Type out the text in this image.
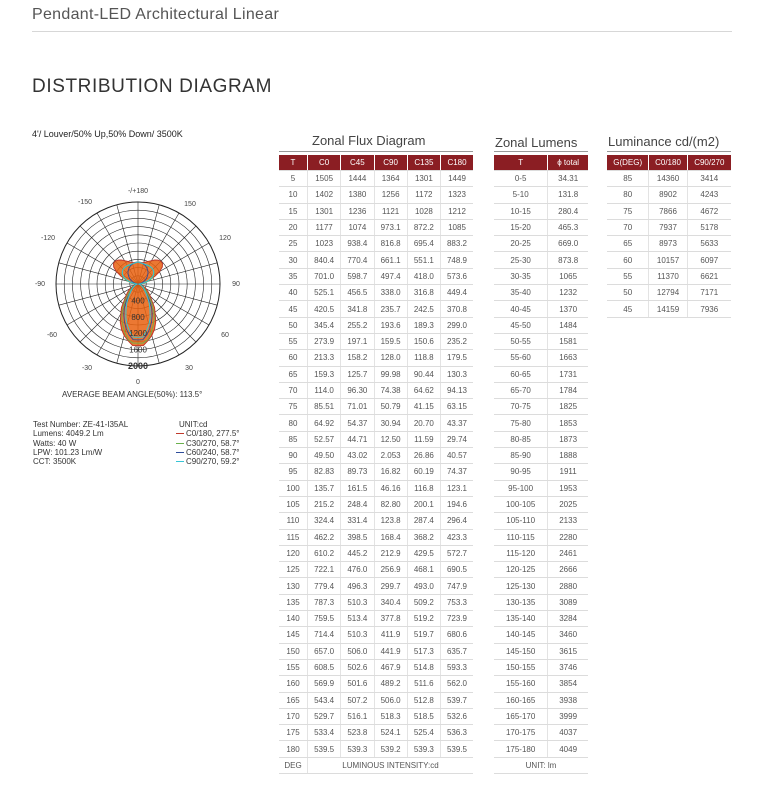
Pendant-LED Architectural Linear
DISTRIBUTION DIAGRAM
4'/ Louver/50% Up,50% Down/ 3500K
400
800
1200
1600
2000
-/+180
-150	150
-120	120
-90	90
-60	60
-30	30
0
AVERAGE BEAM ANGLE(50%): 113.5°
Test Number: ZE-41-I35AL
Lumens: 4049.2 Lm
Watts: 40 W
LPW: 101.23 Lm/W
CCT: 3500K
UNIT:cd
C0/180, 277.5°
C30/270, 58.7°
C60/240, 58.7°
C90/270, 59.2°
Zonal Flux Diagram
T	C0	C45	C90	C135	C180
5	1505	1444	1364	1301	1449
10	1402	1380	1256	1172	1323
15	1301	1236	1121	1028	1212
20	1177	1074	973.1	872.2	1085
25	1023	938.4	816.8	695.4	883.2
30	840.4	770.4	661.1	551.1	748.9
35	701.0	598.7	497.4	418.0	573.6
40	525.1	456.5	338.0	316.8	449.4
45	420.5	341.8	235.7	242.5	370.8
50	345.4	255.2	193.6	189.3	299.0
55	273.9	197.1	159.5	150.6	235.2
60	213.3	158.2	128.0	118.8	179.5
65	159.3	125.7	99.98	90.44	130.3
70	114.0	96.30	74.38	64.62	94.13
75	85.51	71.01	50.79	41.15	63.15
80	64.92	54.37	30.94	20.70	43.37
85	52.57	44.71	12.50	11.59	29.74
90	49.50	43.02	2.053	26.86	40.57
95	82.83	89.73	16.82	60.19	74.37
100	135.7	161.5	46.16	116.8	123.1
105	215.2	248.4	82.80	200.1	194.6
110	324.4	331.4	123.8	287.4	296.4
115	462.2	398.5	168.4	368.2	423.3
120	610.2	445.2	212.9	429.5	572.7
125	722.1	476.0	256.9	468.1	690.5
130	779.4	496.3	299.7	493.0	747.9
135	787.3	510.3	340.4	509.2	753.3
140	759.5	513.4	377.8	519.2	723.9
145	714.4	510.3	411.9	519.7	680.6
150	657.0	506.0	441.9	517.3	635.7
155	608.5	502.6	467.9	514.8	593.3
160	569.9	501.6	489.2	511.6	562.0
165	543.4	507.2	506.0	512.8	539.7
170	529.7	516.1	518.3	518.5	532.6
175	533.4	523.8	524.1	525.4	536.3
180	539.5	539.3	539.2	539.3	539.5
DEG	LUMINOUS INTENSITY:cd				
Zonal Lumens
T	ϕ total
0-5	34.31
5-10	131.8
10-15	280.4
15-20	465.3
20-25	669.0
25-30	873.8
30-35	1065
35-40	1232
40-45	1370
45-50	1484
50-55	1581
55-60	1663
60-65	1731
65-70	1784
70-75	1825
75-80	1853
80-85	1873
85-90	1888
90-95	1911
95-100	1953
100-105	2025
105-110	2133
110-115	2280
115-120	2461
120-125	2666
125-130	2880
130-135	3089
135-140	3284
140-145	3460
145-150	3615
150-155	3746
155-160	3854
160-165	3938
165-170	3999
170-175	4037
175-180	4049
UNIT: lm	
Luminance cd/(m2)
G(DEG)	C0/180	C90/270
85	14360	3414
80	8902	4243
75	7866	4672
70	7937	5178
65	8973	5633
60	10157	6097
55	11370	6621
50	12794	7171
45	14159	7936
